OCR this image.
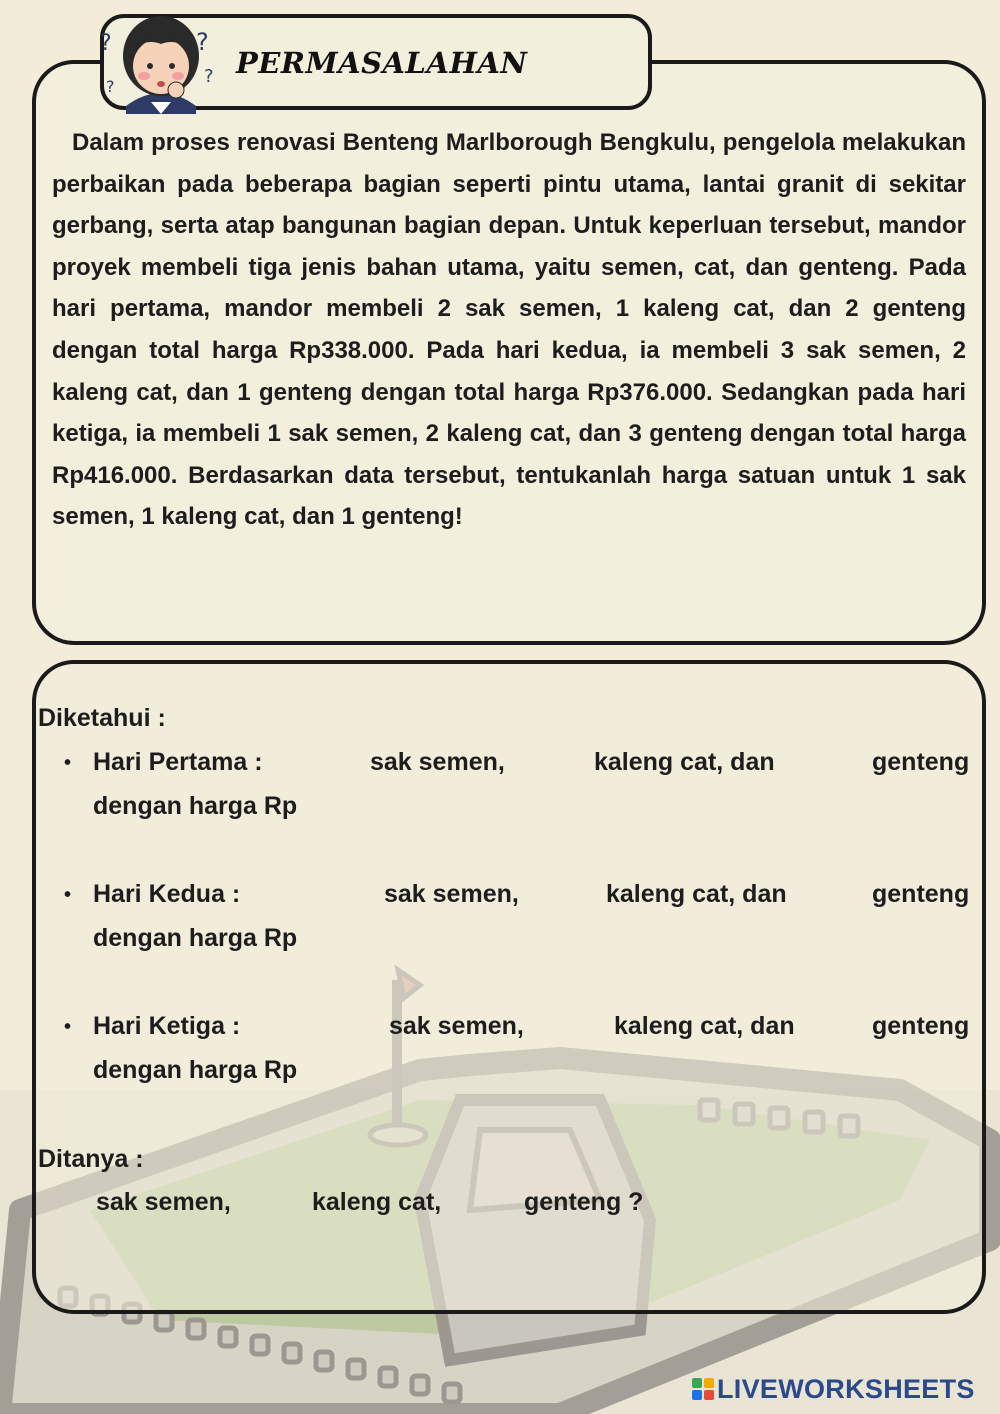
?	?
?
?
PERMASALAHAN

Dalam proses renovasi Benteng Marlborough Bengkulu, pengelola melakukan perbaikan pada beberapa bagian seperti pintu utama, lantai granit di sekitar gerbang, serta atap bangunan bagian depan. Untuk keperluan tersebut, mandor proyek membeli tiga jenis bahan utama, yaitu semen, cat, dan genteng. Pada hari pertama, mandor membeli 2 sak semen, 1 kaleng cat, dan 2 genteng dengan total harga Rp338.000. Pada hari kedua, ia membeli 3 sak semen, 2 kaleng cat, dan 1 genteng dengan total harga Rp376.000. Sedangkan pada hari ketiga, ia membeli 1 sak semen, 2 kaleng cat, dan 3 genteng dengan total harga Rp416.000. Berdasarkan data tersebut, tentukanlah harga satuan untuk 1 sak semen, 1 kaleng cat, dan 1 genteng!

Diketahui :
• Hari Pertama :	sak semen,	kaleng cat, dan	genteng
dengan harga Rp
• Hari Kedua :	sak semen,	kaleng cat, dan	genteng
dengan harga Rp
• Hari Ketiga :	sak semen,	kaleng cat, dan	genteng
dengan harga Rp
Ditanya :
sak semen,	kaleng cat,	genteng ?
LIVEWORKSHEETS
